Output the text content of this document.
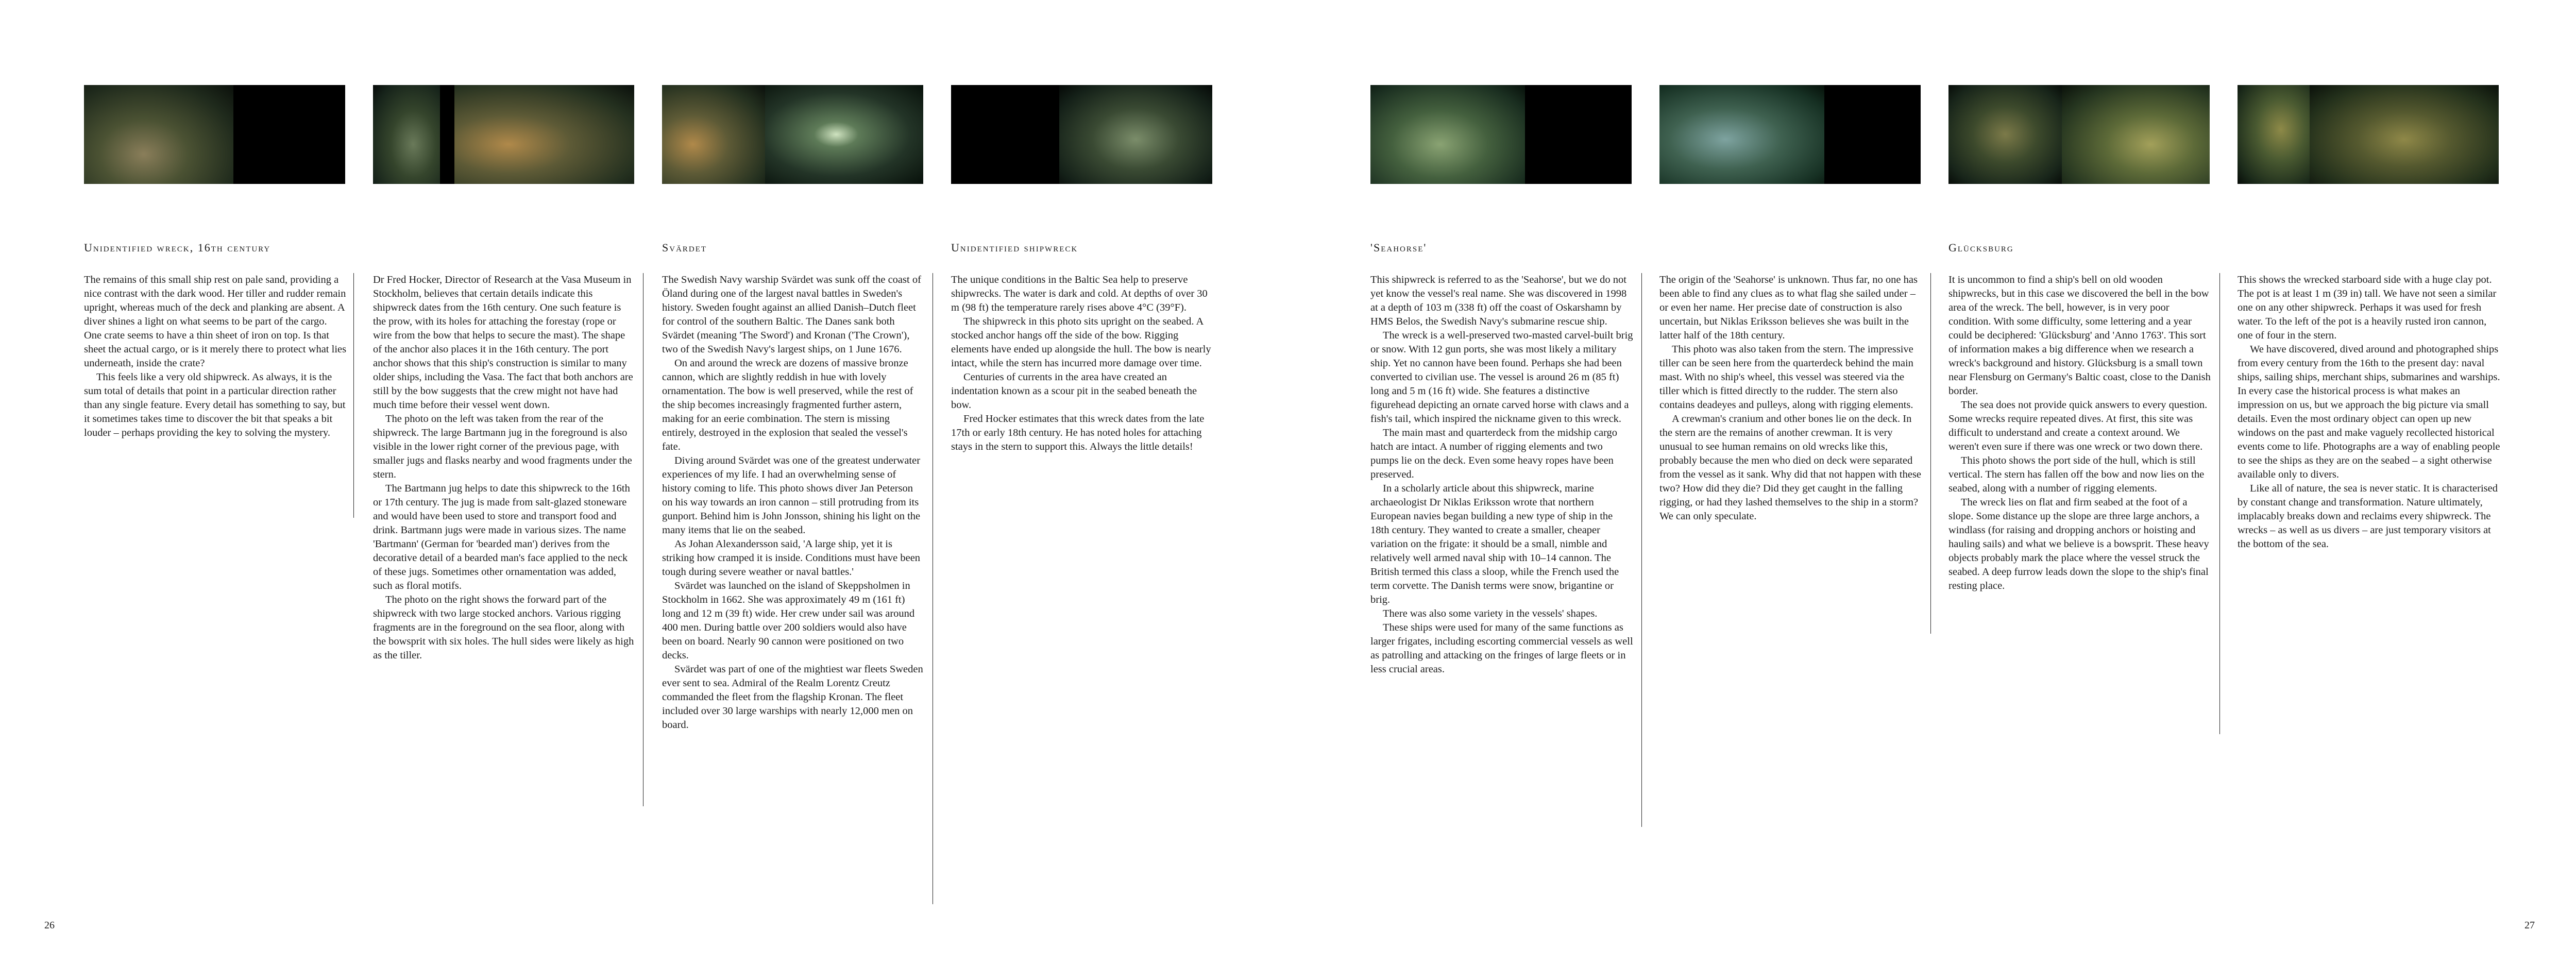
Unidentified wreck, 16th century	Svärdet	Unidentified shipwreck

The remains of this small ship rest on pale sand, providing a nice contrast with the dark wood. Her tiller and rudder remain upright, whereas much of the deck and planking are absent. A diver shines a light on what seems to be part of the cargo. One crate seems to have a thin sheet of iron on top. Is that sheet the actual cargo, or is it merely there to protect what lies underneath, inside the crate?

This feels like a very old shipwreck. As always, it is the sum total of details that point in a particular direction rather than any single feature. Every detail has something to say, but it sometimes takes time to discover the bit that speaks a bit louder – perhaps providing the key to solving the mystery.

Dr Fred Hocker, Director of Research at the Vasa Museum in Stockholm, believes that certain details indicate this shipwreck dates from the 16th century. One such feature is the prow, with its holes for attaching the forestay (rope or wire from the bow that helps to secure the mast). The shape of the anchor also places it in the 16th century. The port anchor shows that this ship's construction is similar to many older ships, including the Vasa. The fact that both anchors are still by the bow suggests that the crew might not have had much time before their vessel went down.

The photo on the left was taken from the rear of the shipwreck. The large Bartmann jug in the foreground is also visible in the lower right corner of the previous page, with smaller jugs and flasks nearby and wood fragments under the stern.

The Bartmann jug helps to date this shipwreck to the 16th or 17th century. The jug is made from salt-glazed stoneware and would have been used to store and transport food and drink. Bartmann jugs were made in various sizes. The name 'Bartmann' (German for 'bearded man') derives from the decorative detail of a bearded man's face applied to the neck of these jugs. Sometimes other ornamentation was added, such as floral motifs.

The photo on the right shows the forward part of the shipwreck with two large stocked anchors. Various rigging fragments are in the foreground on the sea floor, along with the bowsprit with six holes. The hull sides were likely as high as the tiller.

The Swedish Navy warship Svärdet was sunk off the coast of Öland during one of the largest naval battles in Sweden's history. Sweden fought against an allied Danish–Dutch fleet for control of the southern Baltic. The Danes sank both Svärdet (meaning 'The Sword') and Kronan ('The Crown'), two of the Swedish Navy's largest ships, on 1 June 1676.

On and around the wreck are dozens of massive bronze cannon, which are slightly reddish in hue with lovely ornamentation. The bow is well preserved, while the rest of the ship becomes increasingly fragmented further astern, making for an eerie combination. The stern is missing entirely, destroyed in the explosion that sealed the vessel's fate.

Diving around Svärdet was one of the greatest underwater experiences of my life. I had an overwhelming sense of history coming to life. This photo shows diver Jan Peterson on his way towards an iron cannon – still protruding from its gunport. Behind him is John Jonsson, shining his light on the many items that lie on the seabed.

As Johan Alexandersson said, 'A large ship, yet it is striking how cramped it is inside. Conditions must have been tough during severe weather or naval battles.'

Svärdet was launched on the island of Skeppsholmen in Stockholm in 1662. She was approximately 49 m (161 ft) long and 12 m (39 ft) wide. Her crew under sail was around 400 men. During battle over 200 soldiers would also have been on board. Nearly 90 cannon were positioned on two decks.

Svärdet was part of one of the mightiest war fleets Sweden ever sent to sea. Admiral of the Realm Lorentz Creutz commanded the fleet from the flagship Kronan. The fleet included over 30 large warships with nearly 12,000 men on board.

The unique conditions in the Baltic Sea help to preserve shipwrecks. The water is dark and cold. At depths of over 30 m (98 ft) the temperature rarely rises above 4°C (39°F).

The shipwreck in this photo sits upright on the seabed. A stocked anchor hangs off the side of the bow. Rigging elements have ended up alongside the hull. The bow is nearly intact, while the stern has incurred more damage over time.

Centuries of currents in the area have created an indentation known as a scour pit in the seabed beneath the bow.

Fred Hocker estimates that this wreck dates from the late 17th or early 18th century. He has noted holes for attaching stays in the stern to support this. Always the little details!

26
'Seahorse'	Glücksburg

This shipwreck is referred to as the 'Seahorse', but we do not yet know the vessel's real name. She was discovered in 1998 at a depth of 103 m (338 ft) off the coast of Oskarshamn by HMS Belos, the Swedish Navy's submarine rescue ship.

The wreck is a well-preserved two-masted carvel-built brig or snow. With 12 gun ports, she was most likely a military ship. Yet no cannon have been found. Perhaps she had been converted to civilian use. The vessel is around 26 m (85 ft) long and 5 m (16 ft) wide. She features a distinctive figurehead depicting an ornate carved horse with claws and a fish's tail, which inspired the nickname given to this wreck.

The main mast and quarterdeck from the midship cargo hatch are intact. A number of rigging elements and two pumps lie on the deck. Even some heavy ropes have been preserved.

In a scholarly article about this shipwreck, marine archaeologist Dr Niklas Eriksson wrote that northern European navies began building a new type of ship in the 18th century. They wanted to create a smaller, cheaper variation on the frigate: it should be a small, nimble and relatively well armed naval ship with 10–14 cannon. The British termed this class a sloop, while the French used the term corvette. The Danish terms were snow, brigantine or brig.

There was also some variety in the vessels' shapes.

These ships were used for many of the same functions as larger frigates, including escorting commercial vessels as well as patrolling and attacking on the fringes of large fleets or in less crucial areas.

The origin of the 'Seahorse' is unknown. Thus far, no one has been able to find any clues as to what flag she sailed under – or even her name. Her precise date of construction is also uncertain, but Niklas Eriksson believes she was built in the latter half of the 18th century.

This photo was also taken from the stern. The impressive tiller can be seen here from the quarterdeck behind the main mast. With no ship's wheel, this vessel was steered via the tiller which is fitted directly to the rudder. The stern also contains deadeyes and pulleys, along with rigging elements.

A crewman's cranium and other bones lie on the deck. In the stern are the remains of another crewman. It is very unusual to see human remains on old wrecks like this, probably because the men who died on deck were separated from the vessel as it sank. Why did that not happen with these two? How did they die? Did they get caught in the falling rigging, or had they lashed themselves to the ship in a storm? We can only speculate.

It is uncommon to find a ship's bell on old wooden shipwrecks, but in this case we discovered the bell in the bow area of the wreck. The bell, however, is in very poor condition. With some difficulty, some lettering and a year could be deciphered: 'Glücksburg' and 'Anno 1763'. This sort of information makes a big difference when we research a wreck's background and history. Glücksburg is a small town near Flensburg on Germany's Baltic coast, close to the Danish border.

The sea does not provide quick answers to every question. Some wrecks require repeated dives. At first, this site was difficult to understand and create a context around. We weren't even sure if there was one wreck or two down there.

This photo shows the port side of the hull, which is still vertical. The stern has fallen off the bow and now lies on the seabed, along with a number of rigging elements.

The wreck lies on flat and firm seabed at the foot of a slope. Some distance up the slope are three large anchors, a windlass (for raising and dropping anchors or hoisting and hauling sails) and what we believe is a bowsprit. These heavy objects probably mark the place where the vessel struck the seabed. A deep furrow leads down the slope to the ship's final resting place.

This shows the wrecked starboard side with a huge clay pot. The pot is at least 1 m (39 in) tall. We have not seen a similar one on any other shipwreck. Perhaps it was used for fresh water. To the left of the pot is a heavily rusted iron cannon, one of four in the stern.

We have discovered, dived around and photographed ships from every century from the 16th to the present day: naval ships, sailing ships, merchant ships, submarines and warships. In every case the historical process is what makes an impression on us, but we approach the big picture via small details. Even the most ordinary object can open up new windows on the past and make vaguely recollected historical events come to life. Photographs are a way of enabling people to see the ships as they are on the seabed – a sight otherwise available only to divers.

Like all of nature, the sea is never static. It is characterised by constant change and transformation. Nature ultimately, implacably breaks down and reclaims every shipwreck. The wrecks – as well as us divers – are just temporary visitors at the bottom of the sea.

27
